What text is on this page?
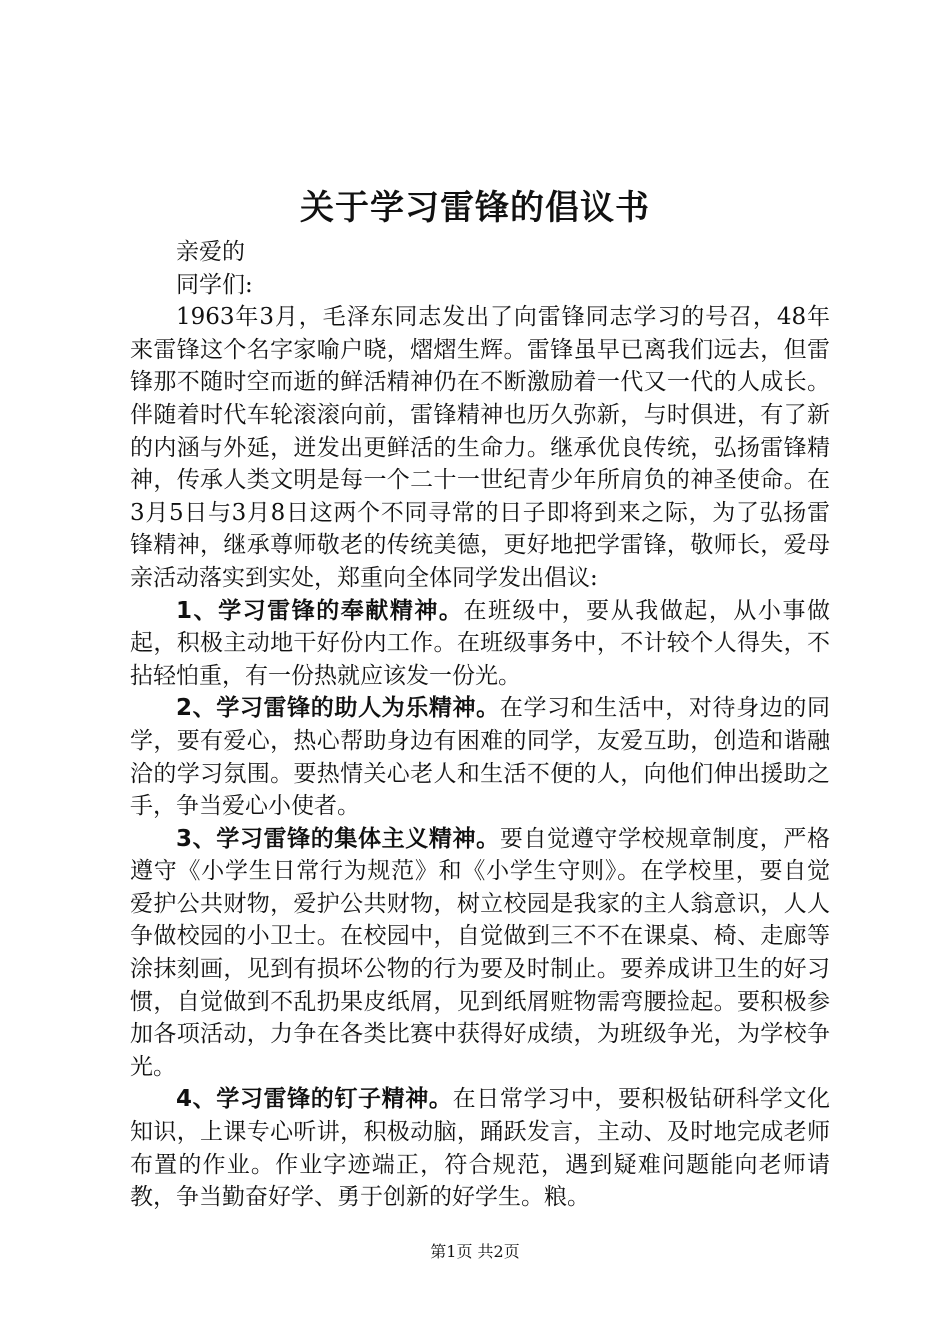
关于学习雷锋的倡议书

亲爱的

同学们:

1963年3月，毛泽东同志发出了向雷锋同志学习的号召，48年来雷锋这个名字家喻户晓，熠熠生辉。雷锋虽早已离我们远去，但雷锋那不随时空而逝的鲜活精神仍在不断激励着一代又一代的人成长。伴随着时代车轮滚滚向前，雷锋精神也历久弥新，与时俱进，有了新的内涵与外延，迸发出更鲜活的生命力。继承优良传统，弘扬雷锋精神，传承人类文明是每一个二十一世纪青少年所肩负的神圣使命。在3月5日与3月8日这两个不同寻常的日子即将到来之际，为了弘扬雷锋精神，继承尊师敬老的传统美德，更好地把学雷锋，敬师长，爱母亲活动落实到实处，郑重向全体同学发出倡议:

1、学习雷锋的奉献精神。在班级中，要从我做起，从小事做起，积极主动地干好份内工作。在班级事务中，不计较个人得失，不拈轻怕重，有一份热就应该发一份光。

2、学习雷锋的助人为乐精神。在学习和生活中，对待身边的同学，要有爱心，热心帮助身边有困难的同学，友爱互助，创造和谐融洽的学习氛围。要热情关心老人和生活不便的人，向他们伸出援助之手，争当爱心小使者。

3、学习雷锋的集体主义精神。要自觉遵守学校规章制度，严格遵守《小学生日常行为规范》和《小学生守则》。在学校里，要自觉爱护公共财物，爱护公共财物，树立校园是我家的主人翁意识，人人争做校园的小卫士。在校园中，自觉做到三不不在课桌、椅、走廊等涂抹刻画，见到有损坏公物的行为要及时制止。要养成讲卫生的好习惯，自觉做到不乱扔果皮纸屑，见到纸屑赃物需弯腰捡起。要积极参加各项活动，力争在各类比赛中获得好成绩，为班级争光，为学校争光。

4、学习雷锋的钉子精神。在日常学习中，要积极钻研科学文化知识，上课专心听讲，积极动脑，踊跃发言，主动、及时地完成老师布置的作业。作业字迹端正，符合规范，遇到疑难问题能向老师请教，争当勤奋好学、勇于创新的好学生。粮。

第1页 共2页
